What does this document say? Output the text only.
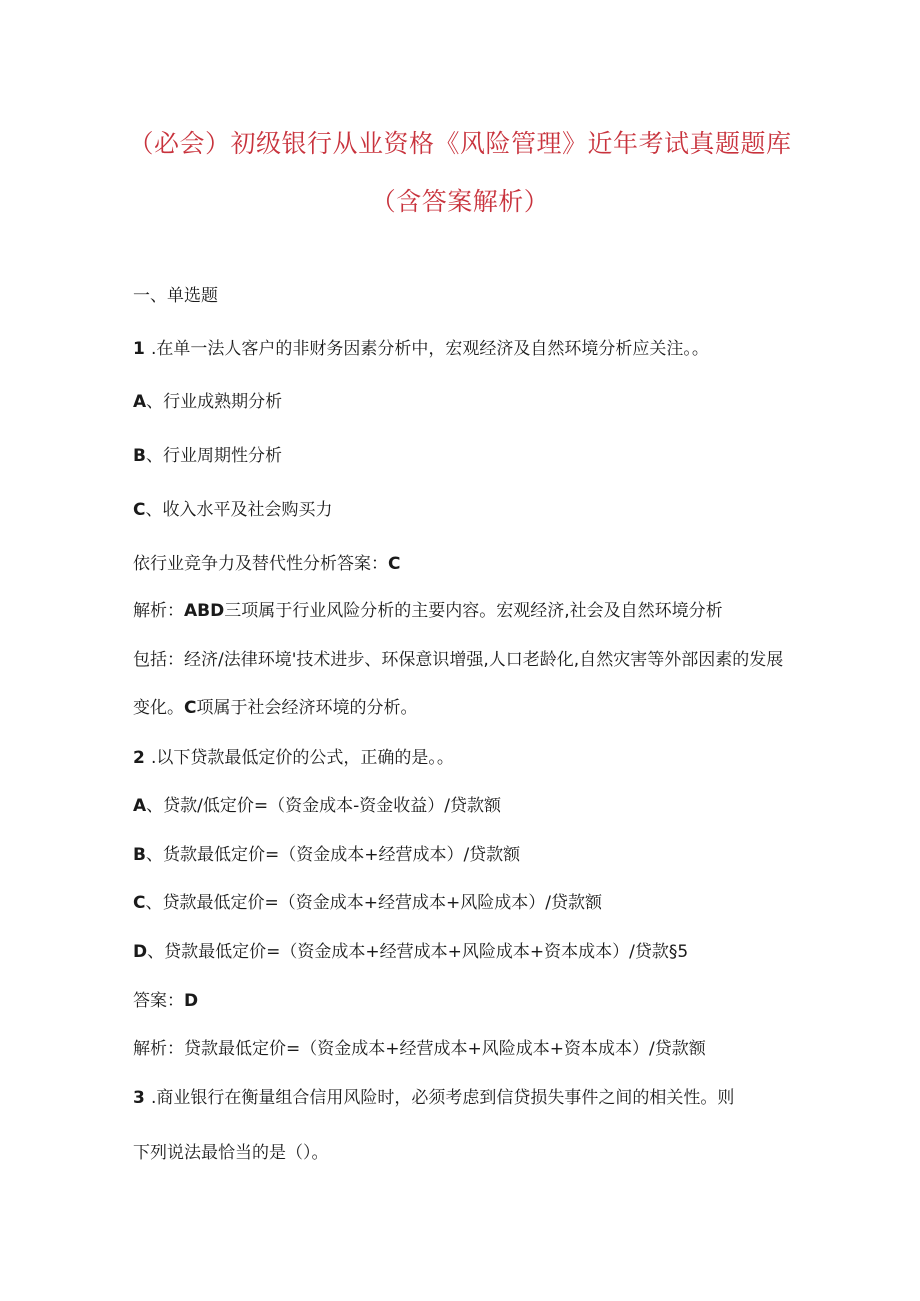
（必会）初级银行从业资格《风险管理》近年考试真题题库
（含答案解析）
一、单选题
1 .在单一法人客户的非财务因素分析中，宏观经济及自然环境分析应关注。。
A、行业成熟期分析
B、行业周期性分析
C、收入水平及社会购买力
依行业竞争力及替代性分析答案：C
解析：ABD三项属于行业风险分析的主要内容。宏观经济,社会及自然环境分析
包括：经济/法律环境'技术进步、环保意识增强,人口老龄化,自然灾害等外部因素的发展
变化。C项属于社会经济环境的分析。
2 .以下贷款最低定价的公式，正确的是。。
A、贷款/低定价=（资金成本-资金收益）/贷款额
B、货款最低定价=（资金成本+经营成本）/贷款额
C、贷款最低定价=（资金成本+经营成本+风险成本）/贷款额
D、贷款最低定价=（资金成本+经营成本+风险成本+资本成本）/贷款§5
答案：D
解析：贷款最低定价=（资金成本+经营成本+风险成本+资本成本）/贷款额
3 .商业银行在衡量组合信用风险时，必须考虑到信贷损失事件之间的相关性。则
下列说法最恰当的是（）。
